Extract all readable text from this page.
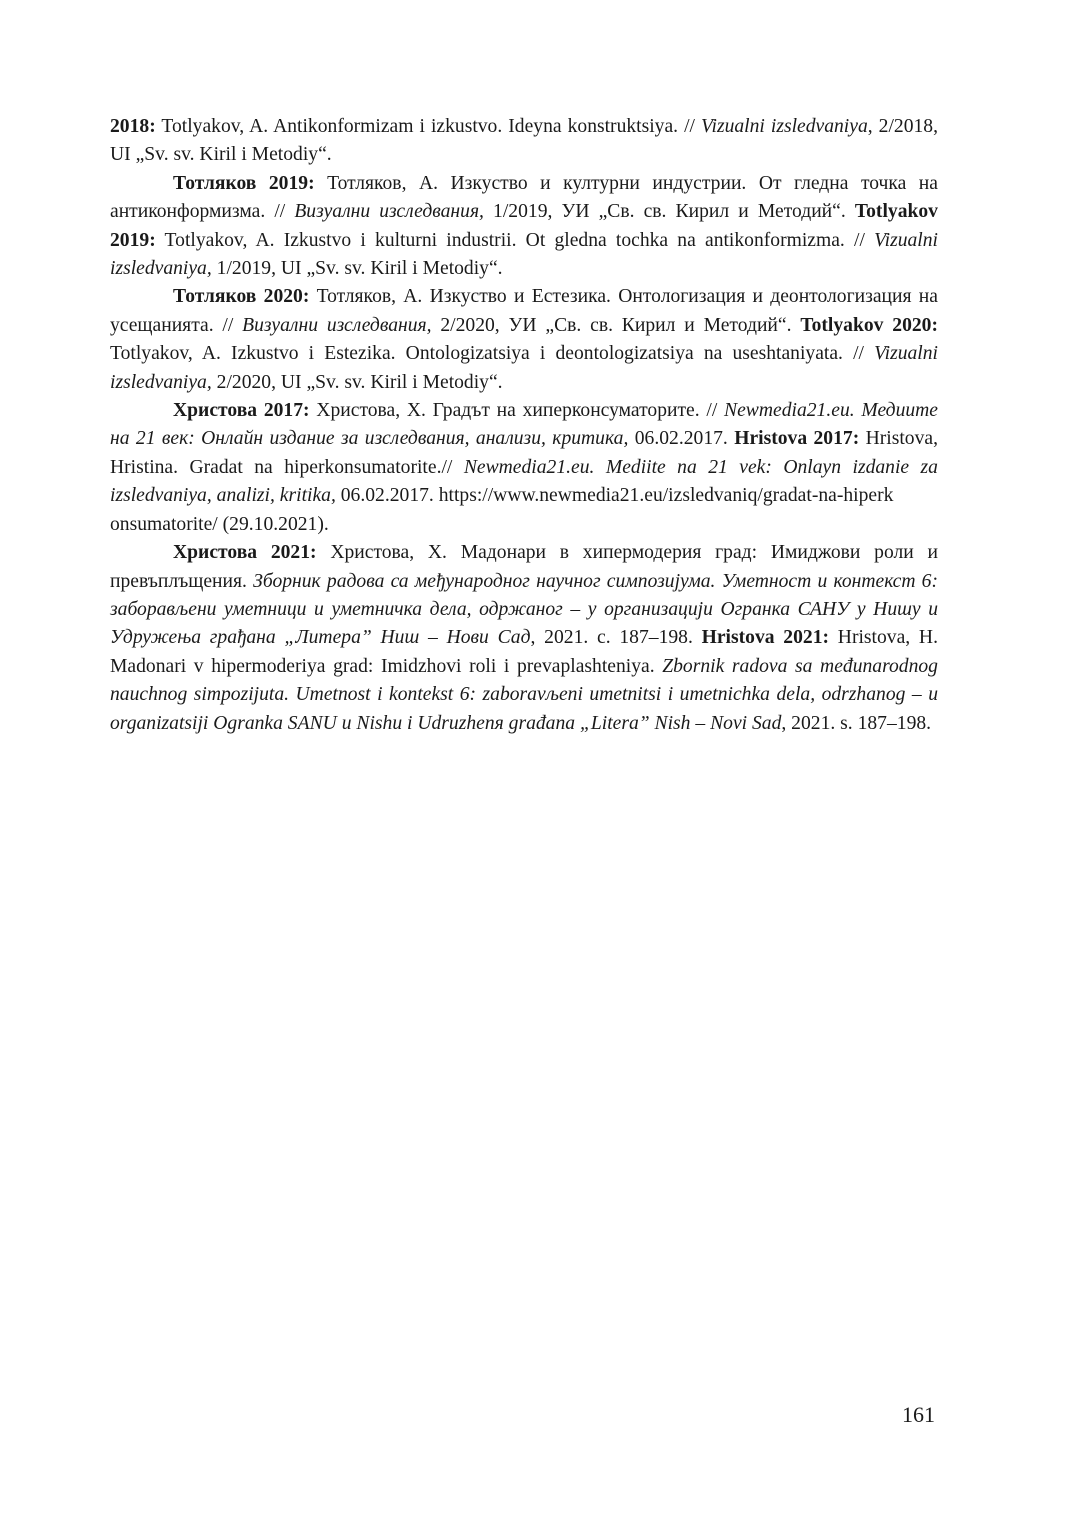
2018: Totlyakov, A. Antikonformizam i izkustvo. Ideyna konstruktsiya. // Vizualni izsledvaniya, 2/2018, UI „Sv. sv. Kiril i Metodiy“.

Тотляков 2019: Тотляков, А. Изкуство и културни индустрии. От гледна точка на антиконформизма. // Визуални изследвания, 1/2019, УИ „Св. св. Кирил и Методий“. Totlyakov 2019: Totlyakov, A. Izkustvo i kulturni industrii. Ot gledna tochka na antikonformizma. // Vizualni izsledvaniya, 1/2019, UI „Sv. sv. Kiril i Metodiy“.

Тотляков 2020: Тотляков, А. Изкуство и Естезика. Онтологизация и деонтологизация на усещанията. // Визуални изследвания, 2/2020, УИ „Св. св. Кирил и Методий“. Totlyakov 2020: Totlyakov, A. Izkustvo i Estezika. Ontologizatsiya i deontologizatsiya na useshtaniyata. // Vizualni izsledvaniya, 2/2020, UI „Sv. sv. Kiril i Metodiy“.

Христова 2017: Христова, Х. Градът на хиперконсуматорите. // Newmedia21.eu. Медиите на 21 век: Онлайн издание за изследвания, анализи, критика, 06.02.2017. Hristova 2017: Hristova, Hristina. Gradat na hiperkonsumatorite.// Newmedia21.eu. Mediite na 21 vek: Onlayn izdanie za izsledvaniya, analizi, kritika, 06.02.2017. https://www.newmedia21.eu/izsledvaniq/gradat-na-hiperk

onsumatorite/ (29.10.2021).

Христова 2021: Христова, Х. Мадонари в хипермодерия град: Имиджови роли и превъплъщения. Зборник радова са међународног научног симпозијума. Уметност и контекст 6: заборављени уметници и уметничка дела, одржаног – у организацији Огранка САНУ у Нишу и Удружења грађана „Литера” Ниш – Нови Сад, 2021. с. 187–198. Hristova 2021: Hristova, H. Madonari v hipermoderiya grad: Imidzhovi roli i prevaplashteniya. Zbornik radova sa međunarodnog nauchnog simpozijuta. Umetnost i kontekst 6: zaboravљeni umetnitsi i umetnichka dela, odrzhanog – u organizatsiji Ogranka SANU u Nishu i Udruzhenя građana „Litera” Nish – Novi Sad, 2021. s. 187–198.

161
